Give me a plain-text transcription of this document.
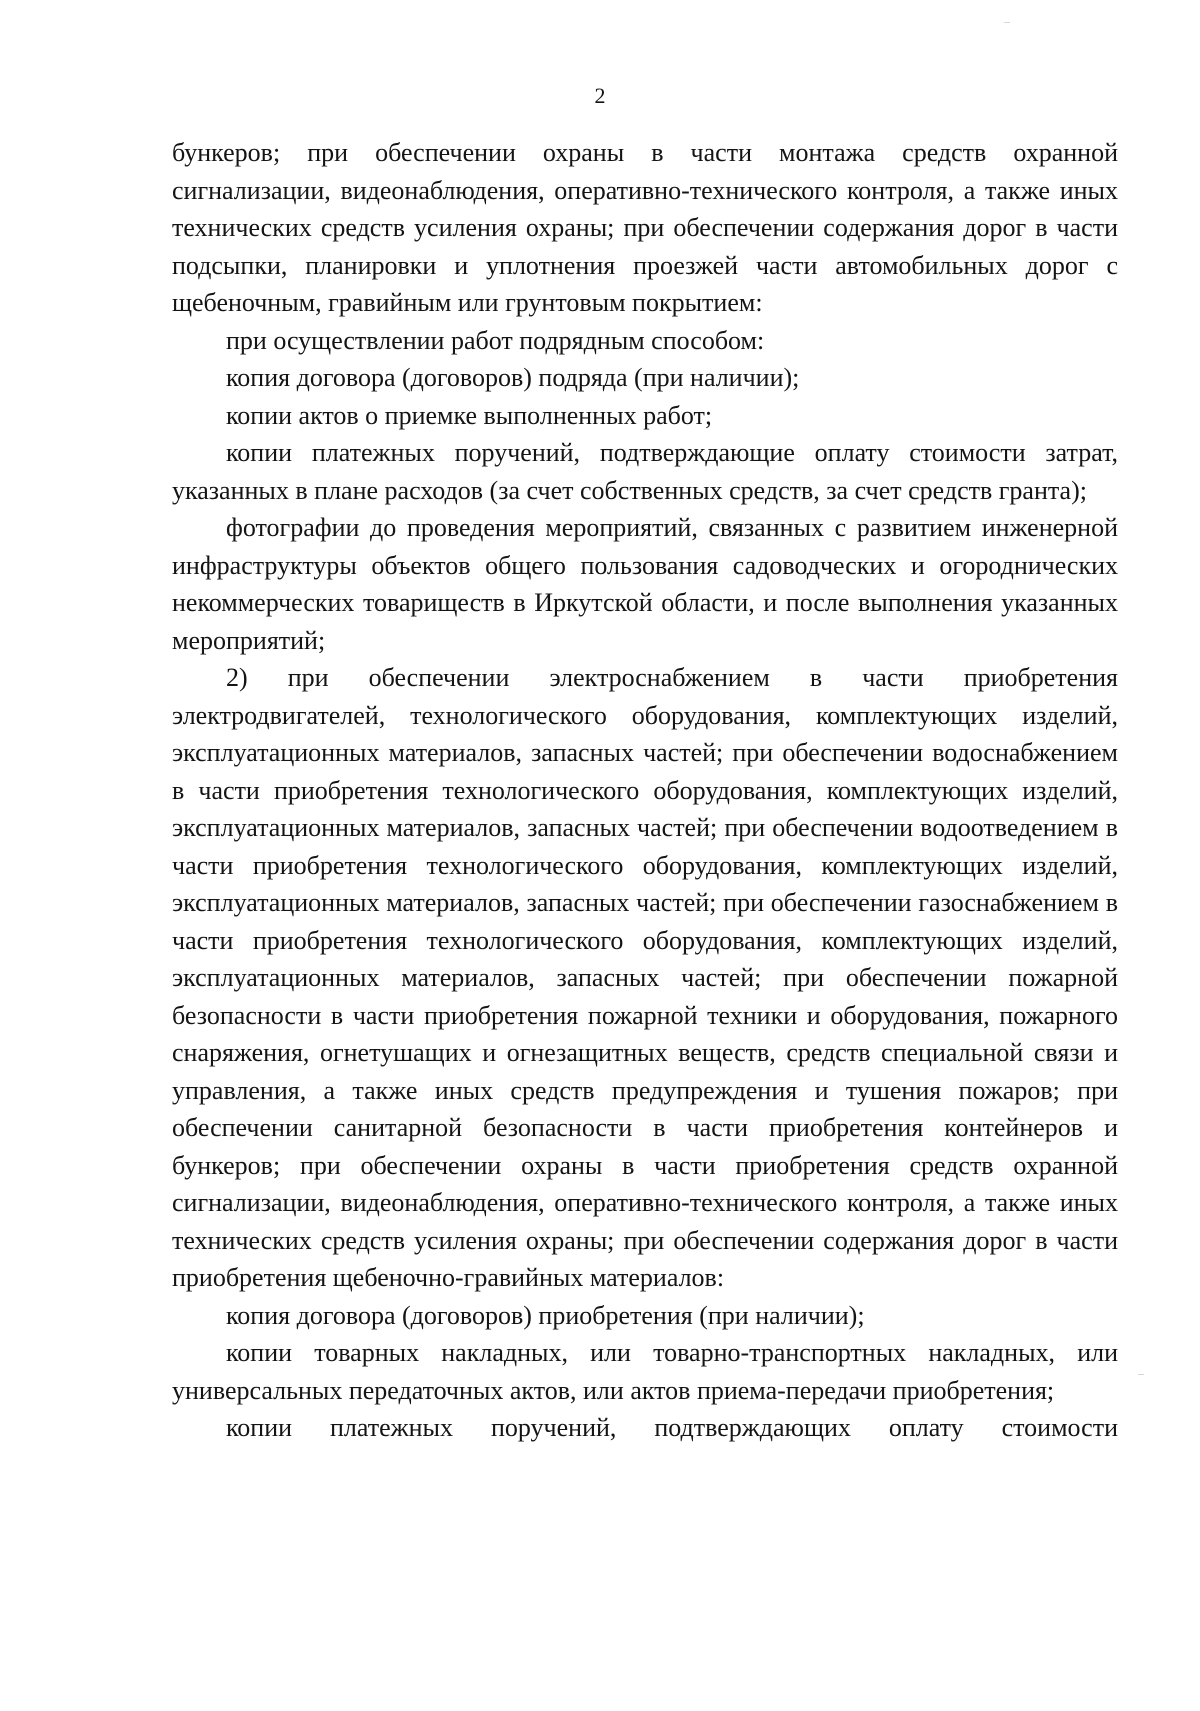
2

бункеров; при обеспечении охраны в части монтажа средств охранной сигнализации, видеонаблюдения, оперативно-технического контроля, а также иных технических средств усиления охраны; при обеспечении содержания дорог в части подсыпки, планировки и уплотнения проезжей части автомобильных дорог с щебеночным, гравийным или грунтовым покрытием:

при осуществлении работ подрядным способом:

копия договора (договоров) подряда (при наличии);

копии актов о приемке выполненных работ;

копии платежных поручений, подтверждающие оплату стоимости затрат, указанных в плане расходов (за счет собственных средств, за счет средств гранта);

фотографии до проведения мероприятий, связанных с развитием инженерной инфраструктуры объектов общего пользования садоводческих и огороднических некоммерческих товариществ в Иркутской области, и после выполнения указанных мероприятий;

2) при обеспечении электроснабжением в части приобретения электродвигателей, технологического оборудования, комплектующих изделий, эксплуатационных материалов, запасных частей; при обеспечении водоснабжением в части приобретения технологического оборудования, комплектующих изделий, эксплуатационных материалов, запасных частей; при обеспечении водоотведением в части приобретения технологического оборудования, комплектующих изделий, эксплуатационных материалов, запасных частей; при обеспечении газоснабжением в части приобретения технологического оборудования, комплектующих изделий, эксплуатационных материалов, запасных частей; при обеспечении пожарной безопасности в части приобретения пожарной техники и оборудования, пожарного снаряжения, огнетушащих и огнезащитных веществ, средств специальной связи и управления, а также иных средств предупреждения и тушения пожаров; при обеспечении санитарной безопасности в части приобретения контейнеров и бункеров; при обеспечении охраны в части приобретения средств охранной сигнализации, видеонаблюдения, оперативно-технического контроля, а также иных технических средств усиления охраны; при обеспечении содержания дорог в части приобретения щебеночно-гравийных материалов:

копия договора (договоров) приобретения (при наличии);

копии товарных накладных, или товарно-транспортных накладных, или универсальных передаточных актов, или актов приема-передачи приобретения;

копии платежных поручений, подтверждающих оплату стоимости
